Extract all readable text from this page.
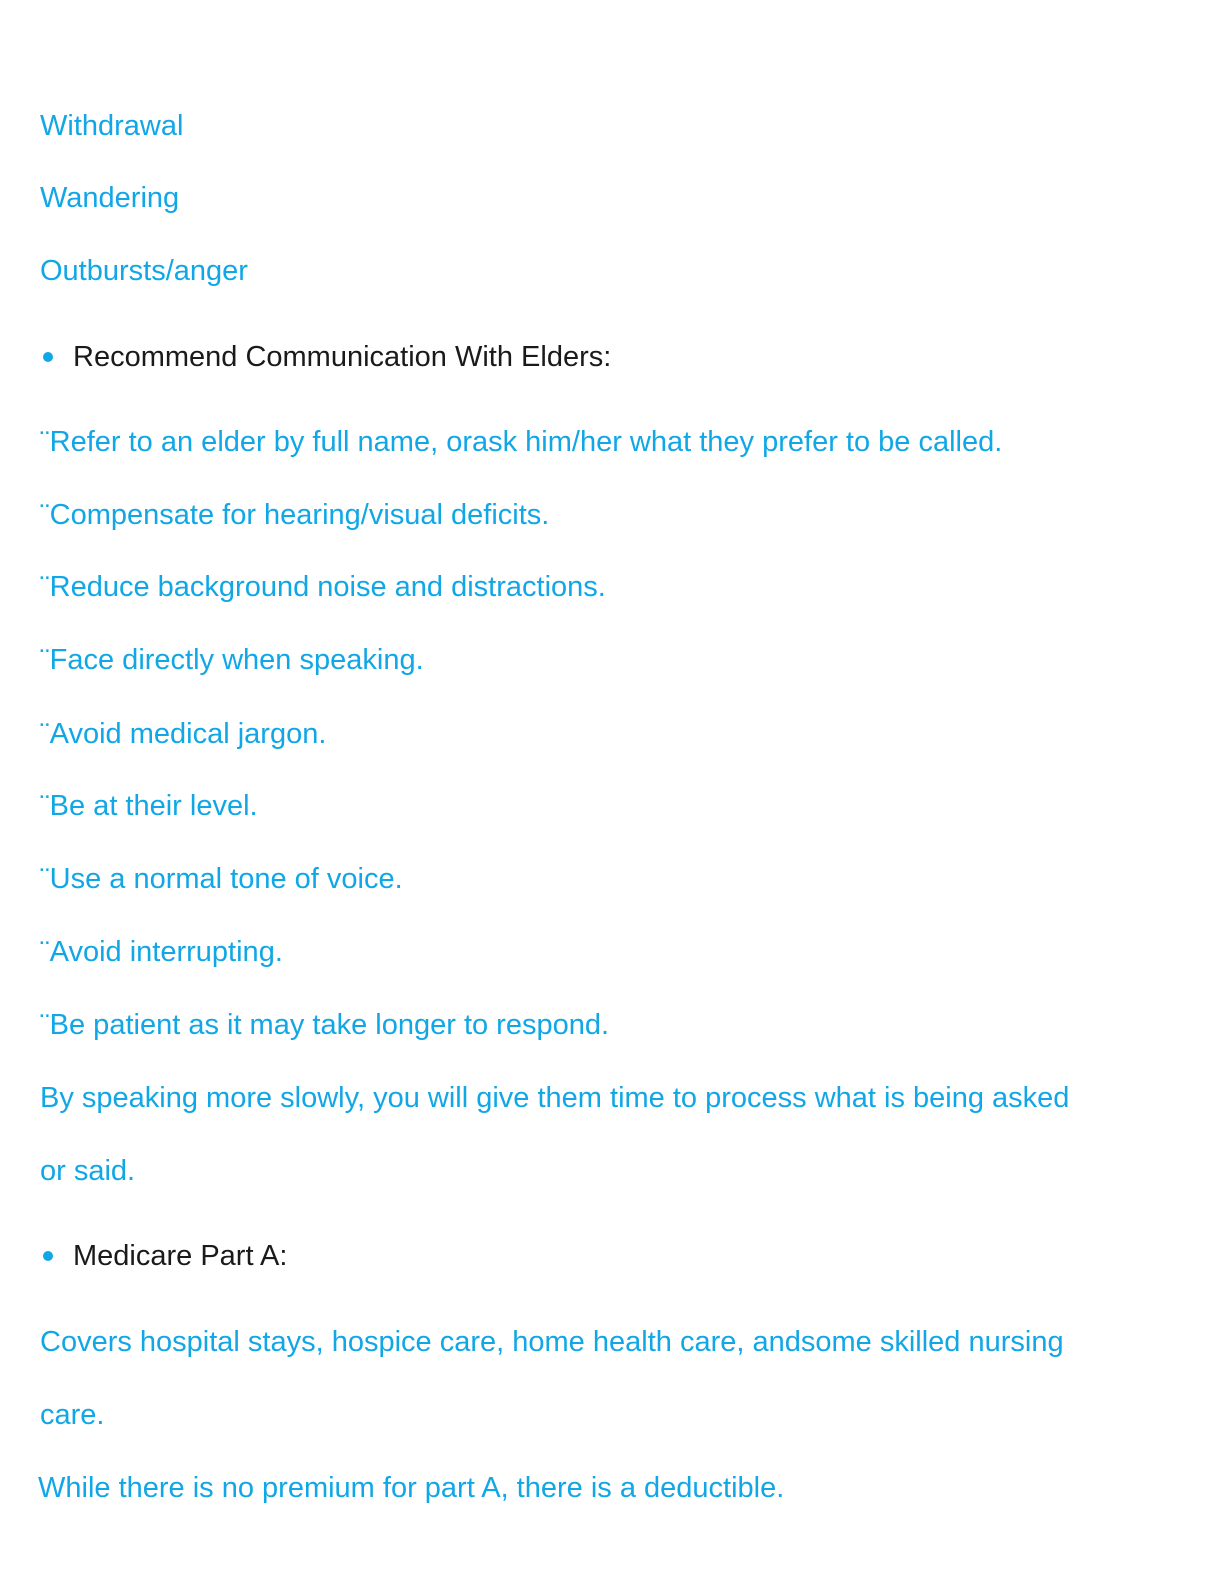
Withdrawal
Wandering
Outbursts/anger
Recommend Communication With Elders:
¨Refer to an elder by full name, orask him/her what they prefer to be called.
¨Compensate for hearing/visual deficits.
¨Reduce background noise and distractions.
¨Face directly when speaking.
¨Avoid medical jargon.
¨Be at their level.
¨Use a normal tone of voice.
¨Avoid interrupting.
¨Be patient as it may take longer to respond.
By speaking more slowly, you will give them time to process what is being asked
or said.
Medicare Part A:
Covers hospital stays, hospice care, home health care, andsome skilled nursing
care.
While there is no premium for part A, there is a deductible.
